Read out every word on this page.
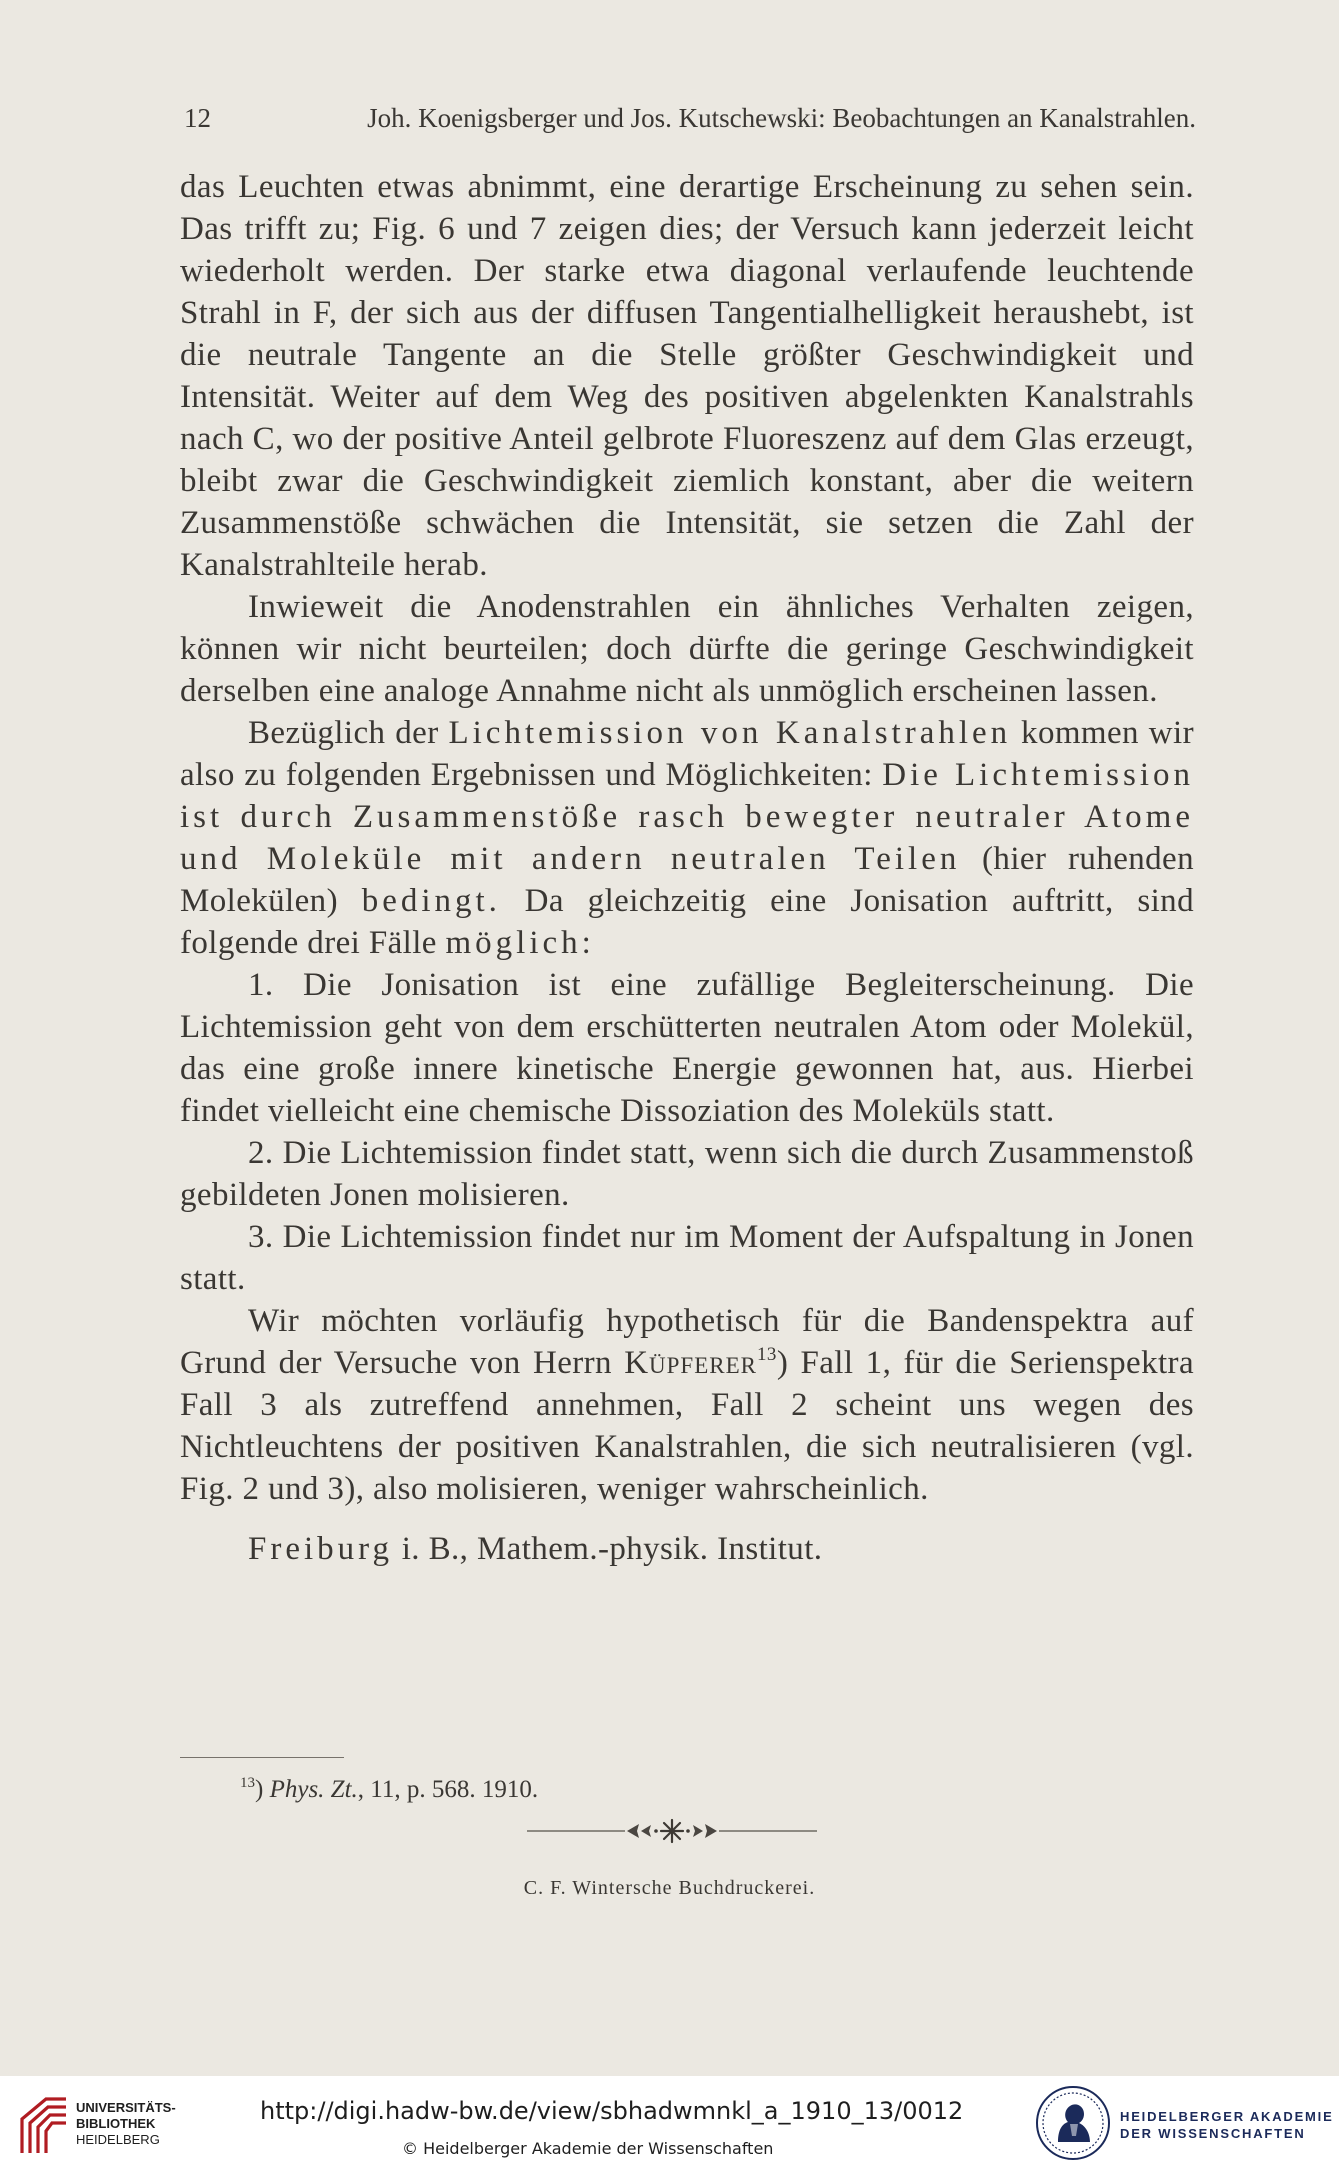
12	Joh. Koenigsberger und Jos. Kutschewski: Beobachtungen an Kanalstrahlen.

das Leuchten etwas abnimmt, eine derartige Erscheinung zu sehen sein. Das trifft zu; Fig. 6 und 7 zeigen dies; der Versuch kann jederzeit leicht wiederholt werden. Der starke etwa diagonal verlaufende leuchtende Strahl in F, der sich aus der diffusen Tangentialhelligkeit heraushebt, ist die neutrale Tangente an die Stelle größter Geschwindigkeit und Intensität. Weiter auf dem Weg des positiven abgelenkten Kanalstrahls nach C, wo der positive Anteil gelbrote Fluoreszenz auf dem Glas erzeugt, bleibt zwar die Geschwindigkeit ziemlich konstant, aber die weitern Zusammenstöße schwächen die Intensität, sie setzen die Zahl der Kanalstrahlteile herab.

Inwieweit die Anodenstrahlen ein ähnliches Verhalten zeigen, können wir nicht beurteilen; doch dürfte die geringe Geschwindigkeit derselben eine analoge Annahme nicht als unmöglich erscheinen lassen.

Bezüglich der Lichtemission von Kanalstrahlen kommen wir also zu folgenden Ergebnissen und Möglichkeiten: Die Lichtemission ist durch Zusammenstöße rasch bewegter neutraler Atome und Moleküle mit andern neutralen Teilen (hier ruhenden Molekülen) bedingt. Da gleichzeitig eine Jonisation auftritt, sind folgende drei Fälle möglich:

1. Die Jonisation ist eine zufällige Begleiterscheinung. Die Lichtemission geht von dem erschütterten neutralen Atom oder Molekül, das eine große innere kinetische Energie gewonnen hat, aus. Hierbei findet vielleicht eine chemische Dissoziation des Moleküls statt.

2. Die Lichtemission findet statt, wenn sich die durch Zusammenstoß gebildeten Jonen molisieren.

3. Die Lichtemission findet nur im Moment der Aufspaltung in Jonen statt.

Wir möchten vorläufig hypothetisch für die Bandenspektra auf Grund der Versuche von Herrn Küpferer$^{13}$) Fall 1, für die Serienspektra Fall 3 als zutreffend annehmen, Fall 2 scheint uns wegen des Nichtleuchtens der positiven Kanalstrahlen, die sich neutralisieren (vgl. Fig. 2 und 3), also molisieren, weniger wahrscheinlich.

Freiburg i. B., Mathem.-physik. Institut.

$^{13}$) Phys. Zt., 11, p. 568. 1910.
C. F. Wintersche Buchdruckerei.
UNIVERSITÄTS-
BIBLIOTHEK
HEIDELBERG
http://digi.hadw-bw.de/view/sbhadwmnkl_a_1910_13/0012
© Heidelberger Akademie der Wissenschaften
HEIDELBERGER AKADEMIE
DER WISSENSCHAFTEN
